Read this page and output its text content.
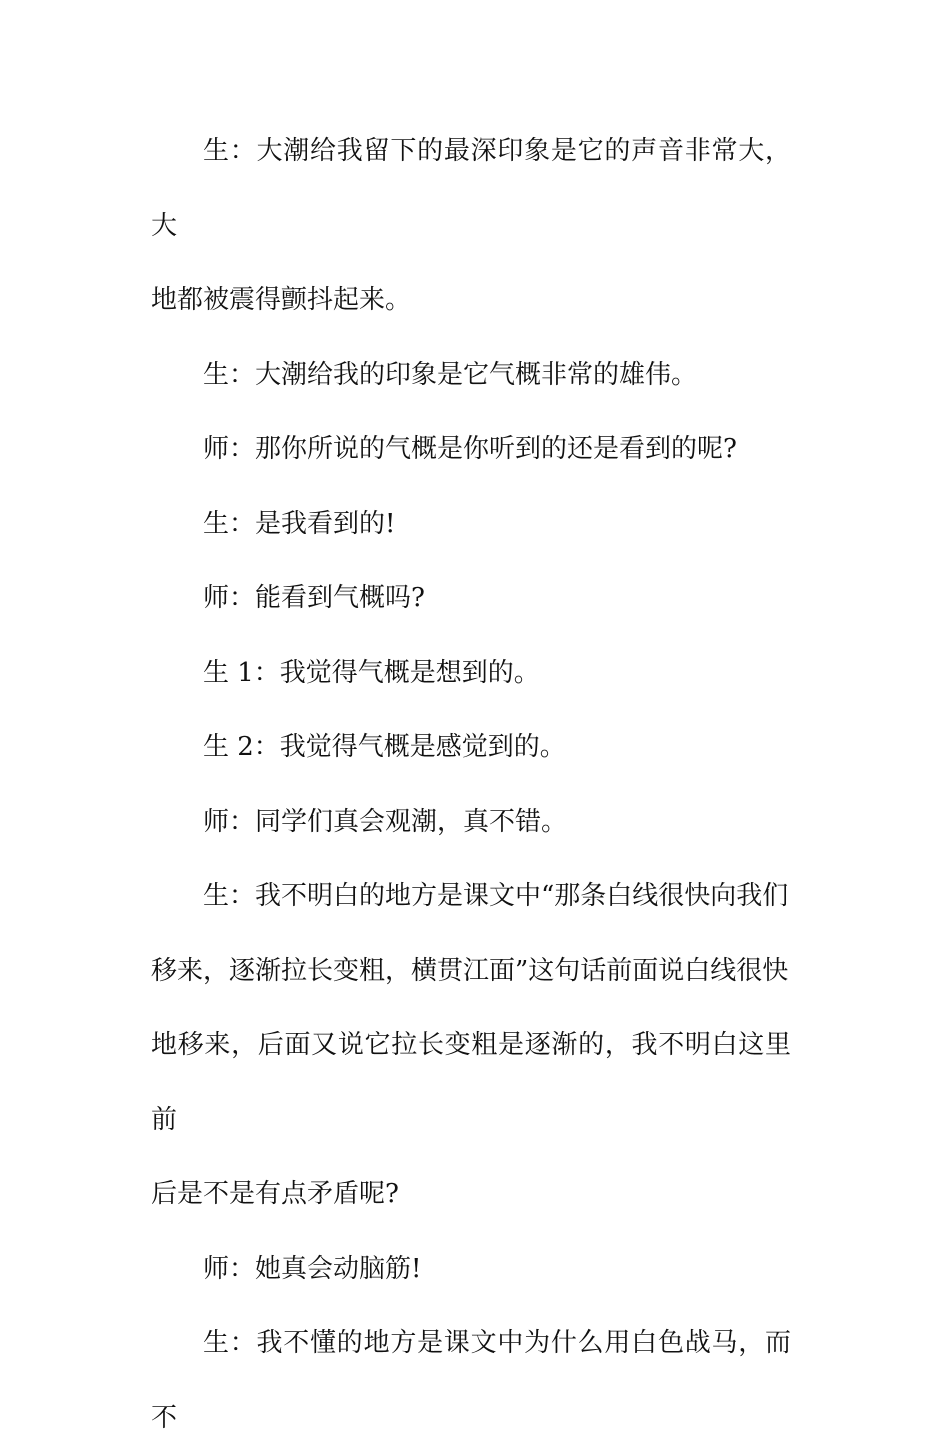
生：大潮给我留下的最深印象是它的声音非常大，大
地都被震得颤抖起来。

生：大潮给我的印象是它气概非常的雄伟。

师：那你所说的气概是你听到的还是看到的呢?

生：是我看到的!

师：能看到气概吗?

生 1：我觉得气概是想到的。

生 2：我觉得气概是感觉到的。

师：同学们真会观潮，真不错。

生：我不明白的地方是课文中“那条白线很快向我们
移来，逐渐拉长变粗，横贯江面”这句话前面说白线很快
地移来，后面又说它拉长变粗是逐渐的，我不明白这里前
后是不是有点矛盾呢?

师：她真会动脑筋!

生：我不懂的地方是课文中为什么用白色战马，而不
